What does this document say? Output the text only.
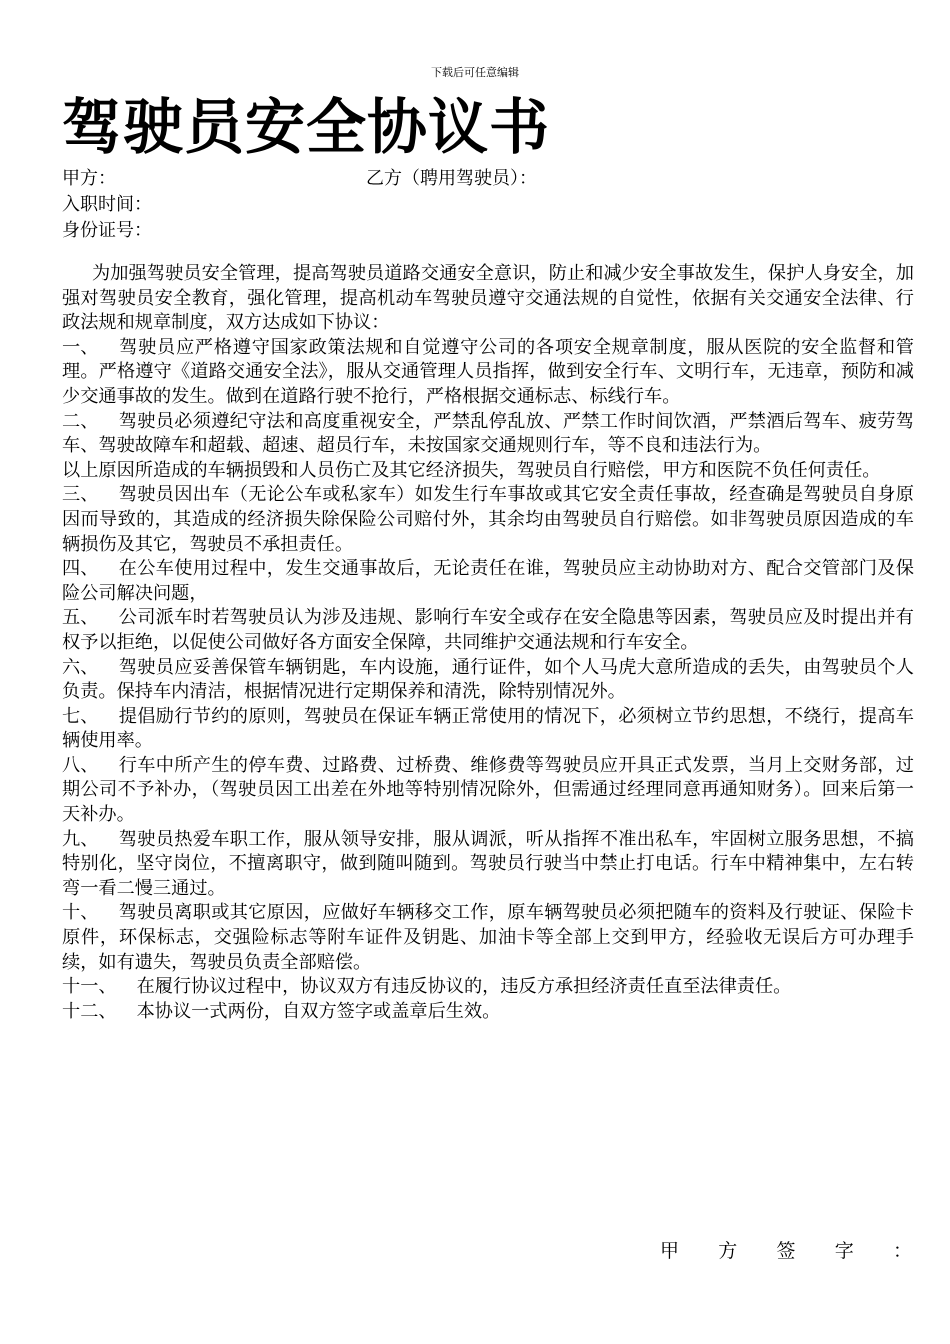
下载后可任意编辑
驾驶员安全协议书
甲方：	乙方（聘用驾驶员）：
入职时间：
身份证号：

为加强驾驶员安全管理，提高驾驶员道路交通安全意识，防止和减少安全事故发生，保护人身安全，加强对驾驶员安全教育，强化管理，提高机动车驾驶员遵守交通法规的自觉性，依据有关交通安全法律、行政法规和规章制度，双方达成如下协议：

一、 驾驶员应严格遵守国家政策法规和自觉遵守公司的各项安全规章制度，服从医院的安全监督和管理。严格遵守《道路交通安全法》，服从交通管理人员指挥，做到安全行车、文明行车，无违章，预防和减少交通事故的发生。做到在道路行驶不抢行，严格根据交通标志、标线行车。

二、 驾驶员必须遵纪守法和高度重视安全，严禁乱停乱放、严禁工作时间饮酒，严禁酒后驾车、疲劳驾车、驾驶故障车和超载、超速、超员行车，未按国家交通规则行车，等不良和违法行为。

以上原因所造成的车辆损毁和人员伤亡及其它经济损失，驾驶员自行赔偿，甲方和医院不负任何责任。

三、 驾驶员因出车（无论公车或私家车）如发生行车事故或其它安全责任事故，经查确是驾驶员自身原因而导致的，其造成的经济损失除保险公司赔付外，其余均由驾驶员自行赔偿。如非驾驶员原因造成的车辆损伤及其它，驾驶员不承担责任。

四、 在公车使用过程中，发生交通事故后，无论责任在谁，驾驶员应主动协助对方、配合交管部门及保险公司解决问题，

五、 公司派车时若驾驶员认为涉及违规、影响行车安全或存在安全隐患等因素，驾驶员应及时提出并有权予以拒绝，以促使公司做好各方面安全保障，共同维护交通法规和行车安全。

六、 驾驶员应妥善保管车辆钥匙，车内设施，通行证件，如个人马虎大意所造成的丢失，由驾驶员个人负责。保持车内清洁，根据情况进行定期保养和清洗，除特别情况外。

七、 提倡励行节约的原则，驾驶员在保证车辆正常使用的情况下，必须树立节约思想，不绕行，提高车辆使用率。

八、 行车中所产生的停车费、过路费、过桥费、维修费等驾驶员应开具正式发票，当月上交财务部，过期公司不予补办，（驾驶员因工出差在外地等特别情况除外，但需通过经理同意再通知财务）。回来后第一天补办。

九、 驾驶员热爱车职工作，服从领导安排，服从调派，听从指挥不准出私车，牢固树立服务思想，不搞特别化，坚守岗位，不擅离职守，做到随叫随到。驾驶员行驶当中禁止打电话。行车中精神集中，左右转弯一看二慢三通过。

十、 驾驶员离职或其它原因，应做好车辆移交工作，原车辆驾驶员必须把随车的资料及行驶证、保险卡原件，环保标志，交强险标志等附车证件及钥匙、加油卡等全部上交到甲方，经验收无误后方可办理手续，如有遗失，驾驶员负责全部赔偿。

十一、 在履行协议过程中，协议双方有违反协议的，违反方承担经济责任直至法律责任。

十二、 本协议一式两份，自双方签字或盖章后生效。

甲 方 签 字 ：
